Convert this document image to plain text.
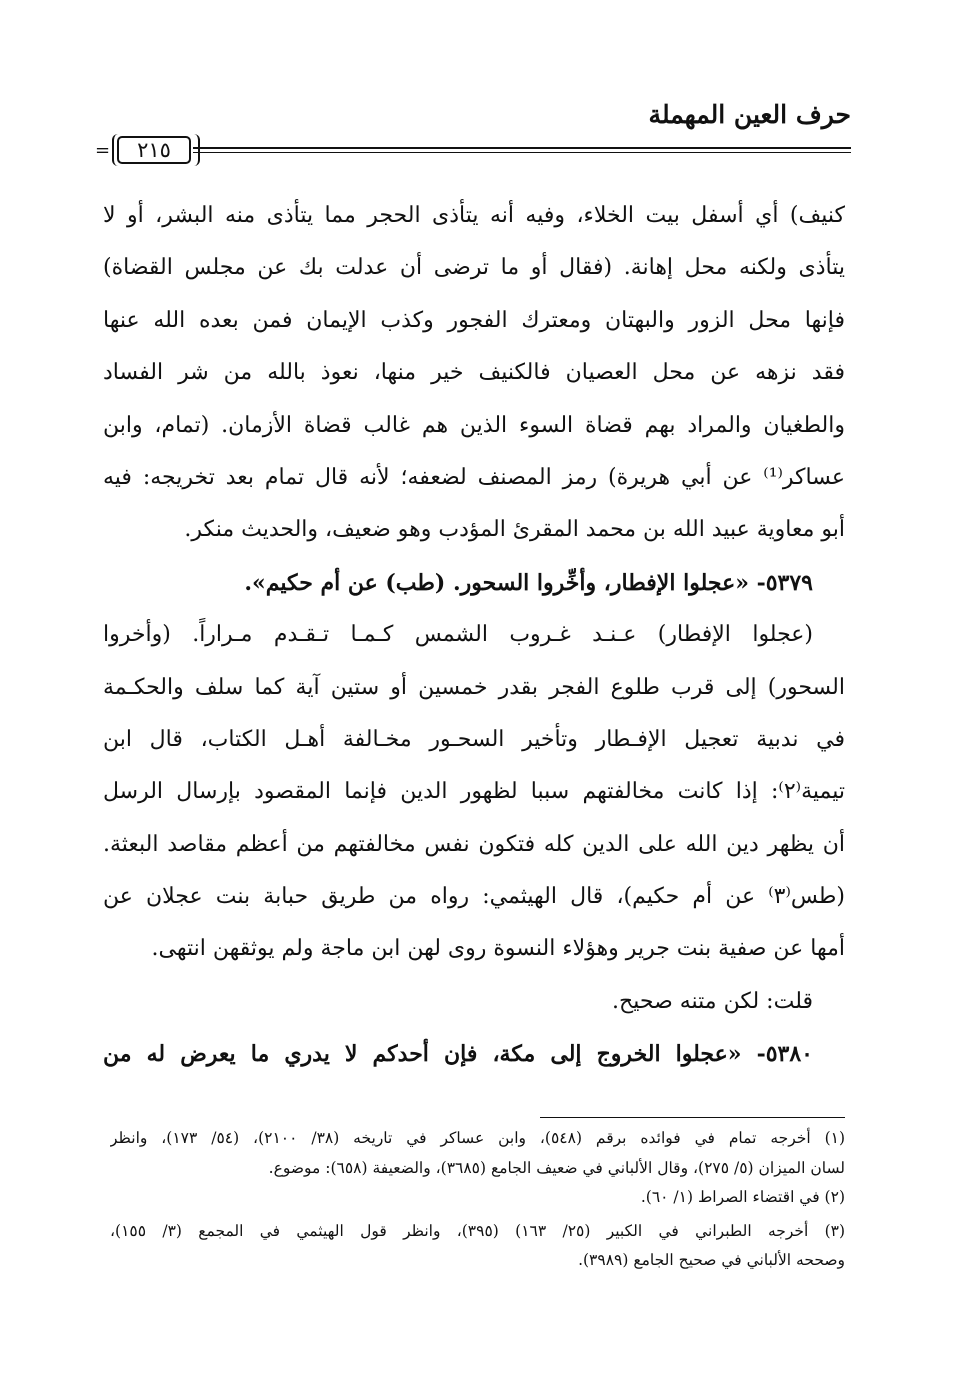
حرف العين المهملة
=	٢١٥
كنيف) أي أسفل بيت الخلاء، وفيه أنه يتأذى الحجر مما يتأذى منه البشر، أو لا
يتأذى ولكنه محل إهانة. (فقال أو ما ترضى أن عدلت بك عن مجلس القضاة)
فإنها محل الزور والبهتان ومعترك الفجور وكذب الإيمان فمن بعده الله عنها
فقد نزهه عن محل العصيان فالكنيف خير منها، نعوذ بالله من شر الفساد
والطغيان والمراد بهم قضاة السوء الذين هم غالب قضاة الأزمان. (تمام، وابن
عساكر⁽¹⁾ عن أبي هريرة) رمز المصنف لضعفه؛ لأنه قال تمام بعد تخريجه: فيه
أبو معاوية عبيد الله بن محمد المقرئ المؤدب وهو ضعيف، والحديث منكر.
٥٣٧٩- «عجلوا الإفطار، وأخِّروا السحور. (طب) عن أم حكيم».
(عجلوا الإفطار) عـنـد غـروب الشمس كـمـا تـقـدم مـراراً. (وأخروا
السحور) إلى قرب طلوع الفجر بقدر خمسين أو ستين آية كما سلف والحكـمة
في ندبية تعجيل الإفـطار وتأخير السحـور مخـالفة أهـل الكتاب، قال ابن
تيمية⁽٢⁾: إذا كانت مخالفتهم سببا لظهور الدين فإنما المقصود بإرسال الرسل
أن يظهر دين الله على الدين كله فتكون نفس مخالفتهم من أعظم مقاصد البعثة.
(طس⁽٣⁾ عن أم حكيم)، قال الهيثمي: رواه من طريق حبابة بنت عجلان عن
أمها عن صفية بنت جرير وهؤلاء النسوة روى لهن ابن ماجة ولم يوثقهن انتهى.
قلت: لكن متنه صحيح.
٥٣٨٠- «عجلوا الخروج إلى مكة، فإن أحدكم لا يدري ما يعرض له من
(١) أخرجه تمام في فوائده برقم (٥٤٨)، وابن عساكر في تاريخه (٣٨/ ٢١٠٠)، (٥٤/ ١٧٣)، وانظر
لسان الميزان (٥/ ٢٧٥)، وقال الألباني في ضعيف الجامع (٣٦٨٥)، والضعيفة (٦٥٨): موضوع.
(٢) في اقتضاء الصراط (١/ ٦٠).
(٣) أخرجه الطبراني في الكبير (٢٥/ ١٦٣) (٣٩٥)، وانظر قول الهيثمي في المجمع (٣/ ١٥٥)،
وصححه الألباني في صحيح الجامع (٣٩٨٩).
